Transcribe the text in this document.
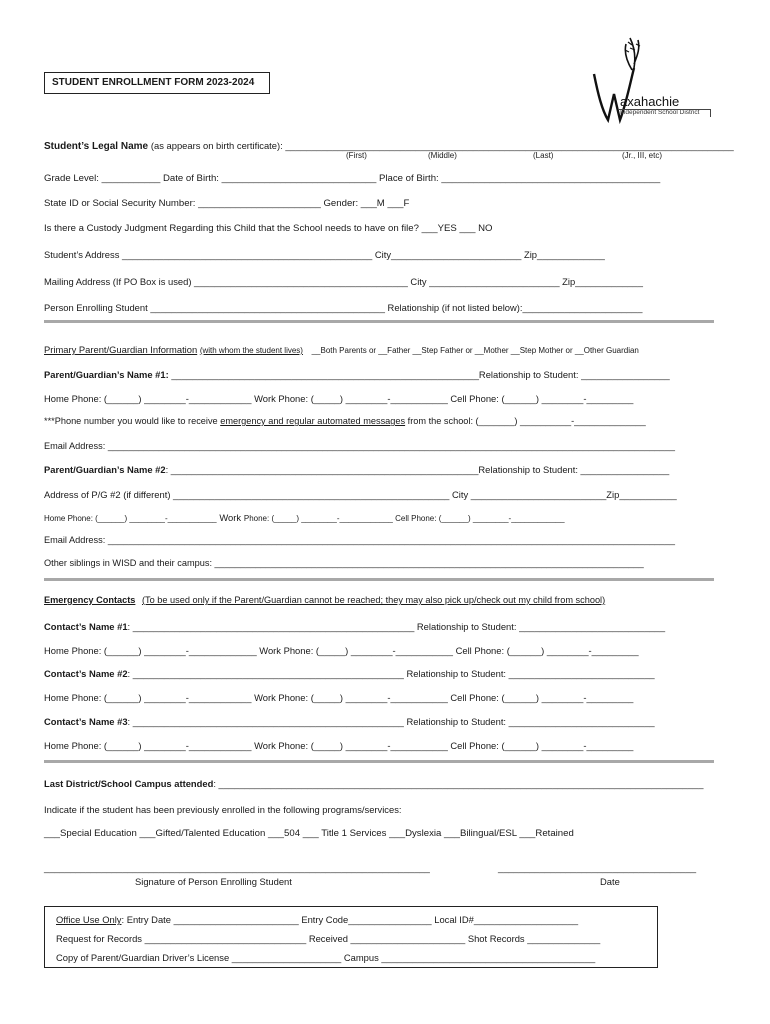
STUDENT ENROLLMENT FORM 2023-2024
axahachie
Independent School District
Student’s Legal Name (as appears on birth certificate): ______________________________________________________________________________________
(First)	(Middle)	(Last)	(Jr., III, etc)
Grade Level: ___________ Date of Birth: _____________________________ Place of Birth: _________________________________________
State ID or Social Security Number: _______________________ Gender: ___M ___F
Is there a Custody Judgment Regarding this Child that the School needs to have on file? ___YES ___ NO
Student’s Address ________________________________________________ City_________________________ Zip_____________
Mailing Address (If PO Box is used) _________________________________________ City _________________________ Zip_____________
Person Enrolling Student _____________________________________________ Relationship (if not listed below):_______________________
Primary Parent/Guardian Information (with whom the student lives) __Both Parents or __Father __Step Father or __Mother __Step Mother or __Other Guardian
Parent/Guardian’s Name #1: ___________________________________________________________Relationship to Student: _________________
Home Phone: (______) ________-____________ Work Phone: (_____) ________-___________ Cell Phone: (______) ________-_________
***Phone number you would like to receive emergency and regular automated messages from the school: (_______) __________-______________
Email Address: _______________________________________________________________________________________________________________
Parent/Guardian’s Name #2: ___________________________________________________________Relationship to Student: _________________
Address of P/G #2 (if different) _____________________________________________________ City __________________________Zip___________
Home Phone: (______) ________-___________ Work Phone: (_____) ________-____________ Cell Phone: (______) ________-____________
Email Address: _______________________________________________________________________________________________________________
Other siblings in WISD and their campus: ____________________________________________________________________________________
Emergency Contacts (To be used only if the Parent/Guardian cannot be reached; they may also pick up/check out my child from school)
Contact’s Name #1: ______________________________________________________ Relationship to Student: ____________________________
Home Phone: (______) ________-_____________ Work Phone: (_____) ________-___________ Cell Phone: (______) ________-_________
Contact’s Name #2: ____________________________________________________ Relationship to Student: ____________________________
Home Phone: (______) ________-____________ Work Phone: (_____) ________-___________ Cell Phone: (______) ________-_________
Contact’s Name #3: ____________________________________________________ Relationship to Student: ____________________________
Home Phone: (______) ________-____________ Work Phone: (_____) ________-___________ Cell Phone: (______) ________-_________
Last District/School Campus attended: _____________________________________________________________________________________________
Indicate if the student has been previously enrolled in the following programs/services:
___Special Education ___Gifted/Talented Education ___504 ___ Title 1 Services ___Dyslexia ___Bilingual/ESL ___Retained
__________________________________________________________________________
Signature of Person Enrolling Student
______________________________________
Date
Office Use Only: Entry Date ________________________ Entry Code________________ Local ID#____________________
Request for Records _______________________________ Received ______________________ Shot Records ______________
Copy of Parent/Guardian Driver’s License _____________________ Campus _________________________________________
